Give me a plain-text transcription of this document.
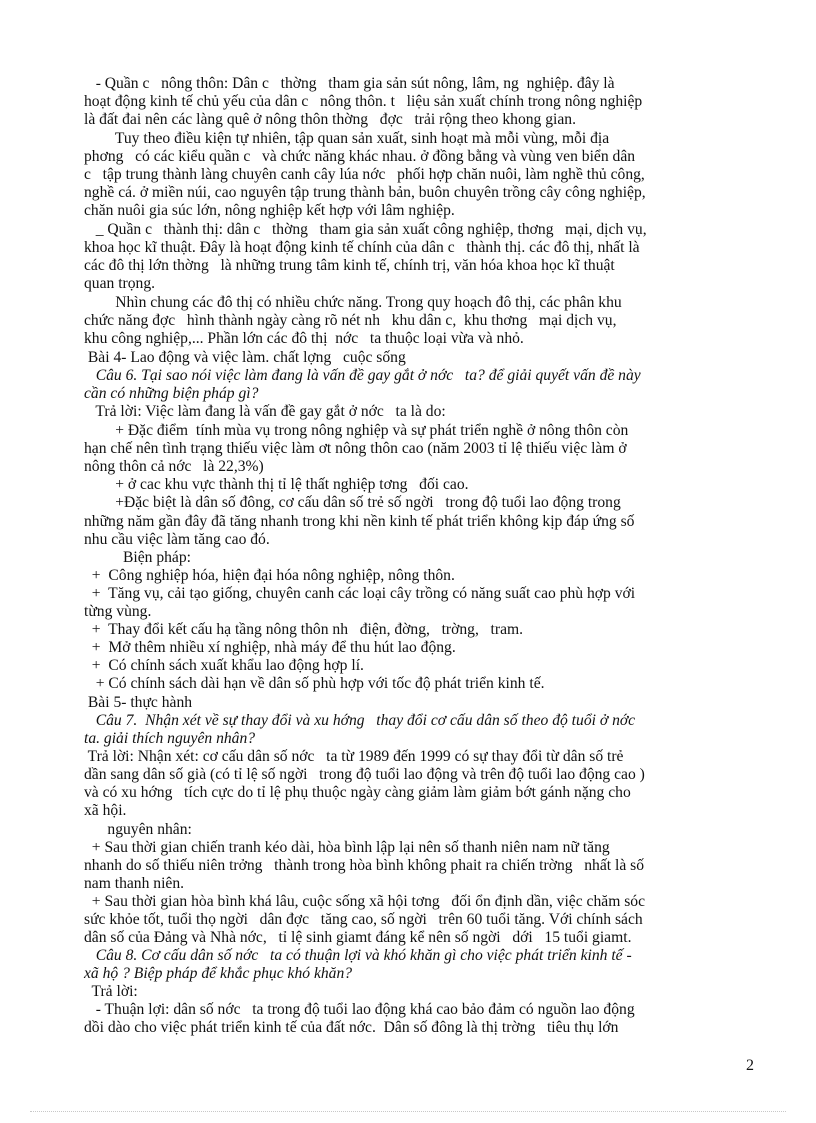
- Quần c   nông thôn: Dân c   thờng   tham gia sản sút nông, lâm, ng  nghiệp. đây là
hoạt động kinh tế chủ yếu của dân c   nông thôn. t   liệu sản xuất chính trong nông nghiệp
là đất đai nên các làng quê ở nông thôn thờng   đợc   trải rộng theo khong gian.
Tuy theo điều kiện tự nhiên, tập quan sản xuất, sinh hoạt mà mỗi vùng, mỗi địa
phơng   có các kiểu quần c   và chức năng khác nhau. ở đồng bằng và vùng ven biển dân
c   tập trung thành làng chuyên canh cây lúa nớc   phối hợp chăn nuôi, làm nghề thủ công,
nghề cá. ở miền núi, cao nguyên tập trung thành bản, buôn chuyên trồng cây công nghiệp,
chăn nuôi gia súc lớn, nông nghiệp kết hợp với lâm nghiệp.
_ Quần c   thành thị: dân c   thờng   tham gia sản xuất công nghiệp, thơng   mại, dịch vụ,
khoa học kĩ thuật. Đây là hoạt động kinh tế chính của dân c   thành thị. các đô thị, nhất là
các đô thị lớn thờng   là những trung tâm kinh tế, chính trị, văn hóa khoa học kĩ thuật
quan trọng.
Nhìn chung các đô thị có nhiều chức năng. Trong quy hoạch đô thị, các phân khu
chức năng đợc   hình thành ngày càng rõ nét nh   khu dân c,  khu thơng   mại dịch vụ,
khu công nghiệp,... Phần lớn các đô thị  nớc   ta thuộc loại vừa và nhỏ.
Bài 4- Lao động và việc làm. chất lợng   cuộc sống
Câu 6. Tại sao nói việc làm đang là vấn đề gay gắt ở nớc   ta? để giải quyết vấn đề này
cần có những biện pháp gì?
Trả lời: Việc làm đang là vấn đề gay gắt ở nớc   ta là do:
+ Đặc điểm  tính mùa vụ trong nông nghiệp và sự phát triển nghề ở nông thôn còn
hạn chế nên tình trạng thiếu việc làm ơt nông thôn cao (năm 2003 tỉ lệ thiếu việc làm ở
nông thôn cả nớc   là 22,3%)
+ ở cac khu vực thành thị tỉ lệ thất nghiệp tơng   đối cao.
+Đặc biệt là dân số đông, cơ cấu dân số trẻ số ngời   trong độ tuổi lao động trong
những năm gần đây đã tăng nhanh trong khi nền kinh tế phát triển không kịp đáp ứng số
nhu cầu việc làm tăng cao đó.
Biện pháp:
+  Công nghiệp hóa, hiện đại hóa nông nghiệp, nông thôn.
+  Tăng vụ, cải tạo giống, chuyên canh các loại cây trồng có năng suất cao phù hợp với
từng vùng.
+  Thay đổi kết cấu hạ tầng nông thôn nh   điện, đờng,   trờng,   tram.
+  Mở thêm nhiều xí nghiệp, nhà máy để thu hút lao động.
+  Có chính sách xuất khẩu lao động hợp lí.
+ Có chính sách dài hạn về dân số phù hợp với tốc độ phát triển kinh tế.
Bài 5- thực hành
Câu 7.  Nhận xét về sự thay đổi và xu hớng   thay đổi cơ cấu dân số theo độ tuổi ở nớc
ta. giải thích nguyên nhân?
Trả lời: Nhận xét: cơ cấu dân số nớc   ta từ 1989 đến 1999 có sự thay đổi từ dân số trẻ
dần sang dân số già (có tỉ lệ số ngời   trong độ tuổi lao động và trên độ tuổi lao động cao )
và có xu hớng   tích cực do tỉ lệ phụ thuộc ngày càng giảm làm giảm bớt gánh nặng cho
xã hội.
nguyên nhân:
+ Sau thời gian chiến tranh kéo dài, hòa bình lập lại nên số thanh niên nam nữ tăng
nhanh do số thiếu niên trởng   thành trong hòa bình không phait ra chiến trờng   nhất là số
nam thanh niên.
+ Sau thời gian hòa bình khá lâu, cuộc sống xã hội tơng   đối ổn định dần, việc chăm sóc
sức khỏe tốt, tuổi thọ ngời   dân đợc   tăng cao, số ngời   trên 60 tuổi tăng. Với chính sách
dân số của Đảng và Nhà nớc,   tỉ lệ sinh giamt đáng kể nên số ngời   dới   15 tuổi giamt.
Câu 8. Cơ cấu dân số nớc   ta có thuận lợi và khó khăn gì cho việc phát triển kinh tế -
xã hộ ? Biệp pháp để khắc phục khó khăn?
Trả lời:
- Thuận lợi: dân số nớc   ta trong độ tuổi lao động khá cao bảo đảm có nguồn lao động
dồi dào cho việc phát triển kinh tế của đất nớc.  Dân số đông là thị trờng   tiêu thụ lớn
2
